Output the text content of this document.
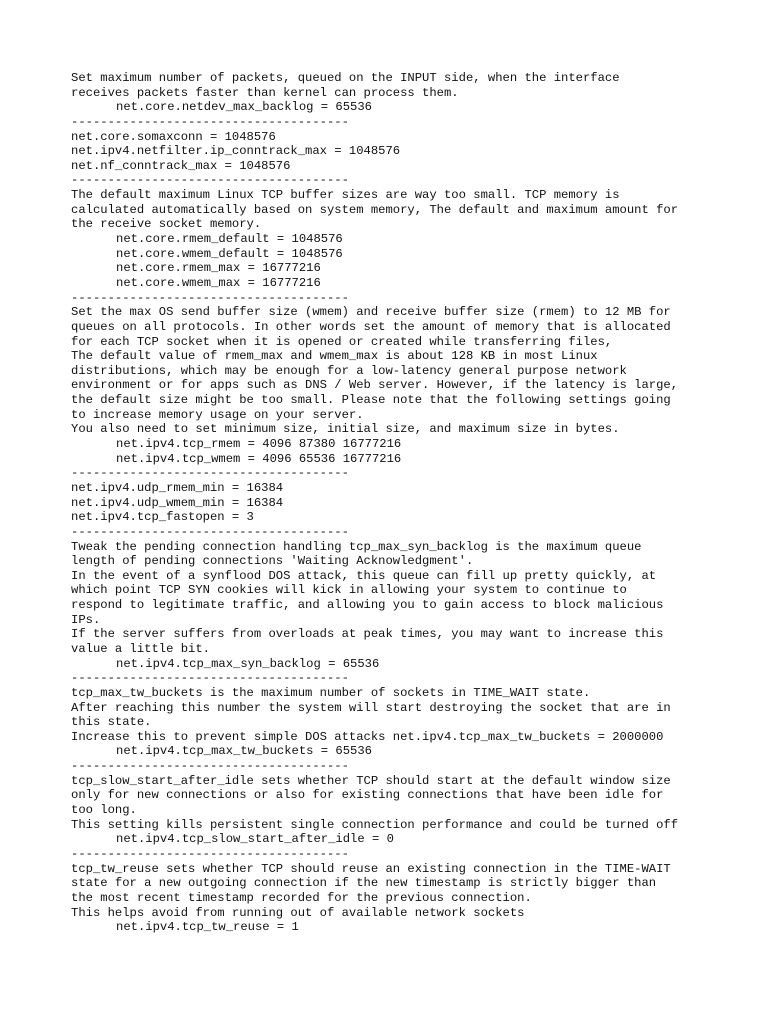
Set maximum number of packets, queued on the INPUT side, when the interface
receives packets faster than kernel can process them.
net.core.netdev_max_backlog = 65536
--------------------------------------
net.core.somaxconn = 1048576
net.ipv4.netfilter.ip_conntrack_max = 1048576
net.nf_conntrack_max = 1048576
--------------------------------------
The default maximum Linux TCP buffer sizes are way too small. TCP memory is
calculated automatically based on system memory, The default and maximum amount for
the receive socket memory.
net.core.rmem_default = 1048576
net.core.wmem_default = 1048576
net.core.rmem_max = 16777216
net.core.wmem_max = 16777216
--------------------------------------
Set the max OS send buffer size (wmem) and receive buffer size (rmem) to 12 MB for
queues on all protocols. In other words set the amount of memory that is allocated
for each TCP socket when it is opened or created while transferring files,
The default value of rmem_max and wmem_max is about 128 KB in most Linux
distributions, which may be enough for a low-latency general purpose network
environment or for apps such as DNS / Web server. However, if the latency is large,
the default size might be too small. Please note that the following settings going
to increase memory usage on your server.
You also need to set minimum size, initial size, and maximum size in bytes.
net.ipv4.tcp_rmem = 4096 87380 16777216
net.ipv4.tcp_wmem = 4096 65536 16777216
--------------------------------------
net.ipv4.udp_rmem_min = 16384
net.ipv4.udp_wmem_min = 16384
net.ipv4.tcp_fastopen = 3
--------------------------------------
Tweak the pending connection handling tcp_max_syn_backlog is the maximum queue
length of pending connections 'Waiting Acknowledgment'.
In the event of a synflood DOS attack, this queue can fill up pretty quickly, at
which point TCP SYN cookies will kick in allowing your system to continue to
respond to legitimate traffic, and allowing you to gain access to block malicious
IPs.
If the server suffers from overloads at peak times, you may want to increase this
value a little bit.
net.ipv4.tcp_max_syn_backlog = 65536
--------------------------------------
tcp_max_tw_buckets is the maximum number of sockets in TIME_WAIT state.
After reaching this number the system will start destroying the socket that are in
this state.
Increase this to prevent simple DOS attacks net.ipv4.tcp_max_tw_buckets = 2000000
net.ipv4.tcp_max_tw_buckets = 65536
--------------------------------------
tcp_slow_start_after_idle sets whether TCP should start at the default window size
only for new connections or also for existing connections that have been idle for
too long.
This setting kills persistent single connection performance and could be turned off
net.ipv4.tcp_slow_start_after_idle = 0
--------------------------------------
tcp_tw_reuse sets whether TCP should reuse an existing connection in the TIME-WAIT
state for a new outgoing connection if the new timestamp is strictly bigger than
the most recent timestamp recorded for the previous connection.
This helps avoid from running out of available network sockets
net.ipv4.tcp_tw_reuse = 1
